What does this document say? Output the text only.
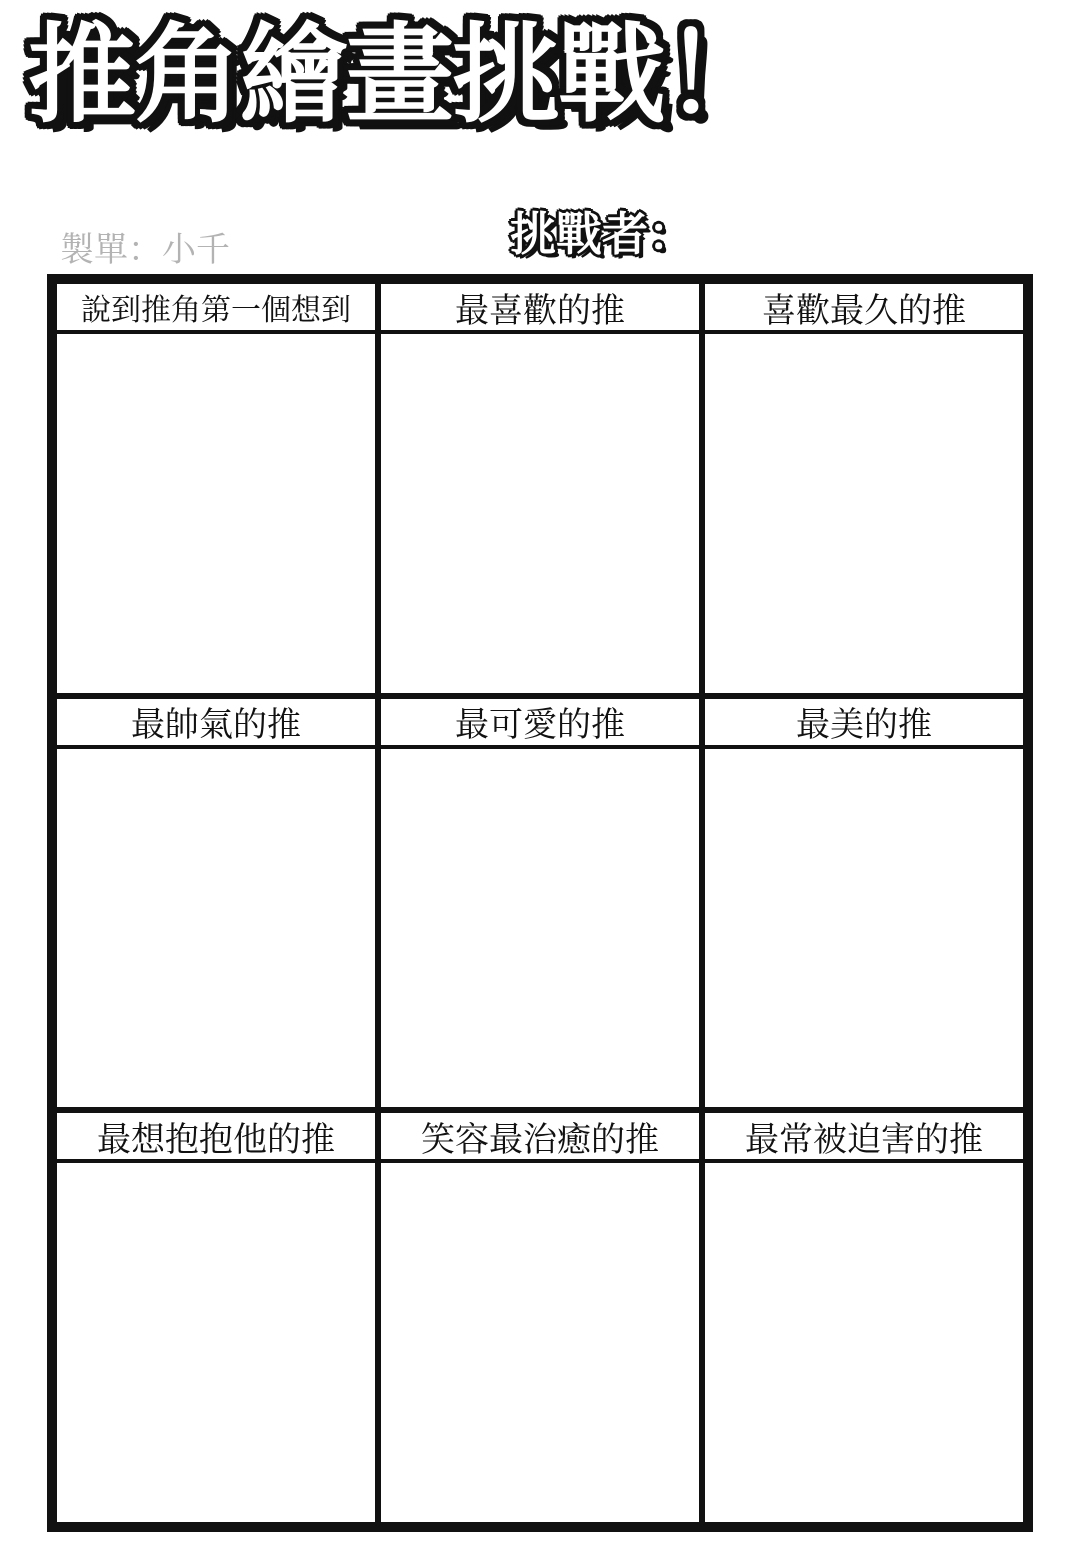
推角繪畫挑戰！
製單：小千	挑戰者：
說到推角第一個想到	最喜歡的推	喜歡最久的推
最帥氣的推	最可愛的推	最美的推
最想抱抱他的推	笑容最治癒的推	最常被迫害的推
